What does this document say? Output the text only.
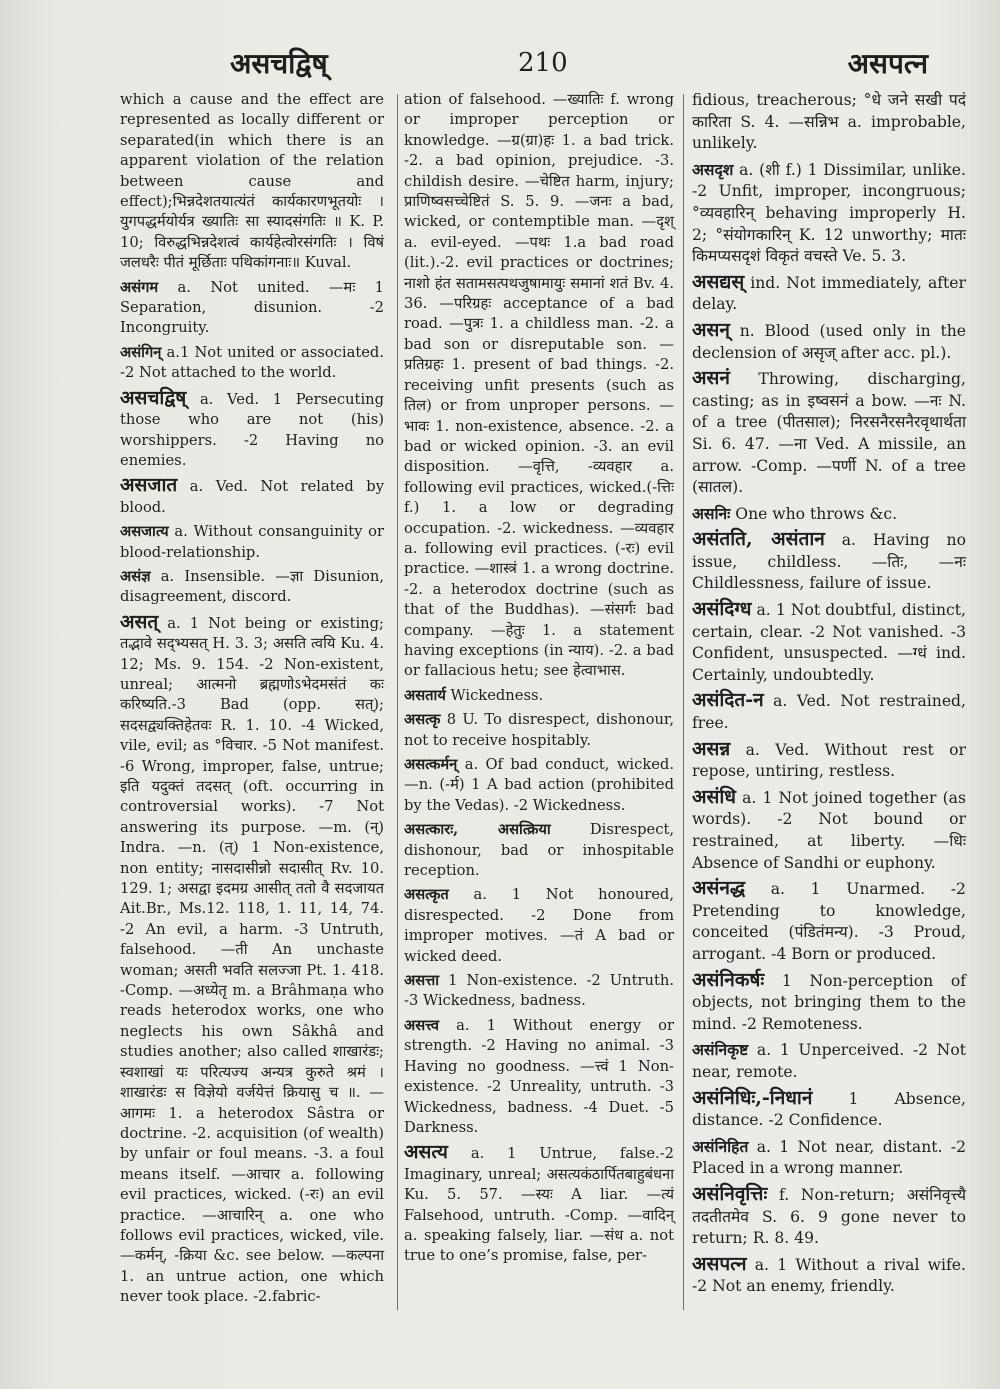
असचद्विष्	210	असपत्न

which a cause and the effect are represented as locally different or separated(in which there is an apparent violation of the relation between cause and effect);भिन्नदेशतयात्यंतं कार्यकारणभूतयोः । युगपद्धर्मयोर्यत्र ख्यातिः सा स्यादसंगतिः ॥ K. P. 10; विरुद्धभिन्नदेशत्वं कार्यहेत्वोरसंगतिः । विषं जलधरैः पीतं मूर्छिताः पथिकांगनाः॥ Kuval.

असंगम a. Not united. —मः 1 Separation, disunion. -2 Incongruity.

असंगिन् a.1 Not united or associated. -2 Not attached to the world.

असचद्विष् a. Ved. 1 Persecuting those who are not (his) worshippers. -2 Having no enemies.

असजात a. Ved. Not related by blood.

असजात्य a. Without consanguinity or blood-relationship.

असंज्ञ a. Insensible. —ज्ञा Disunion, disagreement, discord.

असत् a. 1 Not being or existing; तद्भावे सद्भ्यसत् H. 3. 3; असति त्वयि Ku. 4. 12; Ms. 9. 154. -2 Non-existent, unreal; आत्मनो ब्रह्मणोऽभेदमसंतं कः करिष्यति.-3 Bad (opp. सत्); सदसद्व्यक्तिहेतवः R. 1. 10. -4 Wicked, vile, evil; as °विचार. -5 Not manifest. -6 Wrong, improper, false, untrue; इति यदुक्तं तदसत् (oft. occurring in controversial works). -7 Not answering its purpose. —m. (न्) Indra. —n. (त्) 1 Non-existence, non entity; नासदासीन्नो सदासीत् Rv. 10. 129. 1; असद्वा इदमग्र आसीत् ततो वै सदजायत Ait.Br., Ms.12. 118, 1. 11, 14, 74. -2 An evil, a harm. -3 Untruth, falsehood. —ती An unchaste woman; असती भवति सलज्जा Pt. 1. 418. -Comp. —अध्येतृ m. a Brâhmaṇa who reads heterodox works, one who neglects his own Sâkhâ and studies another; also called शाखारंडः; स्वशाखां यः परित्यज्य अन्यत्र कुरुते श्रमं । शाखारंडः स विज्ञेयो वर्जयेत्तं क्रियासु च ॥. —आगमः 1. a heterodox Sâstra or doctrine. -2. acquisition (of wealth) by unfair or foul means. -3. a foul means itself. —आचार a. following evil practices, wicked. (-रः) an evil practice. —आचारिन् a. one who follows evil practices, wicked, vile. —कर्मन्, -क्रिया &c. see below. —कल्पना 1. an untrue action, one which never took place. -2.fabric-

ation of falsehood. —ख्यातिः f. wrong or improper perception or knowledge. —ग्र(ग्रा)हः 1. a bad trick. -2. a bad opinion, prejudice. -3. childish desire. —चेष्टित harm, injury; प्राणिष्वसच्चेष्टितं S. 5. 9. —जनः a bad, wicked, or contemptible man. —दृश् a. evil-eyed. —पथः 1.a bad road (lit.).-2. evil practices or doctrines; नाशो हंत सतामसत्पथजुषामायुः समानां शतं Bv. 4. 36. —परिग्रहः acceptance of a bad road. —पुत्रः 1. a childless man. -2. a bad son or disreputable son. —प्रतिग्रहः 1. present of bad things. -2. receiving unfit presents (such as तिल) or from unproper persons. —भावः 1. non-existence, absence. -2. a bad or wicked opinion. -3. an evil disposition. —वृत्ति, -व्यवहार a. following evil practices, wicked.(-त्तिः f.) 1. a low or degrading occupation. -2. wickedness. —व्यवहार a. following evil practices. (-रः) evil practice. —शास्त्रं 1. a wrong doctrine. -2. a heterodox doctrine (such as that of the Buddhas). —संसर्गः bad company. —हेतुः 1. a statement having exceptions (in न्याय). -2. a bad or fallacious hetu; see हेत्वाभास.

असतार्य Wickedness.

असत्कृ 8 U. To disrespect, dishonour, not to receive hospitably.

असत्कर्मन् a. Of bad conduct, wicked. —n. (-र्म) 1 A bad action (prohibited by the Vedas). -2 Wickedness.

असत्कारः, असत्क्रिया	Disrespect, dishonour, bad or inhospitable reception.

असत्कृत a. 1 Not honoured, disrespected. -2 Done from improper motives. —तं A bad or wicked deed.

असत्ता 1 Non-existence. -2 Untruth. -3 Wickedness, badness.

असत्त्व a. 1 Without energy or strength. -2 Having no animal. -3 Having no goodness. —त्त्वं 1 Non-existence. -2 Unreality, untruth. -3 Wickedness, badness. -4 Duet. -5 Darkness.

असत्य a. 1 Untrue, false.-2 Imaginary, unreal; असत्यकंठार्पितबाहुबंधना Ku. 5. 57. —स्यः A liar. —त्यं Falsehood, untruth. -Comp. —वादिन् a. speaking falsely, liar. —संध a. not true to one’s promise, false, per-

fidious, treacherous; °धे जने सखी पदं कारिता S. 4. —सन्निभ a. improbable, unlikely.

असदृश a. (शी f.) 1 Dissimilar, unlike. -2 Unfit, improper, incongruous; °व्यवहारिन् behaving improperly H. 2; °संयोगकारिन् K. 12 unworthy; मातः किमप्यसदृशं विकृतं वचस्ते Ve. 5. 3.

असद्यस् ind. Not immediately, after delay.

असन् n. Blood (used only in the declension of असृज् after acc. pl.).

असनं Throwing, discharging, casting; as in इष्वसनं a bow. —नः N. of a tree (पीतसाल); निरसनैरसनैरवृथार्थता Si. 6. 47. —ना Ved. A missile, an arrow. -Comp. —पर्णी N. of a tree (सातल).

असनिः One who throws &c.

असंतति, असंतान a. Having no issue, childless. —तिः, —नः Childlessness, failure of issue.

असंदिग्ध a. 1 Not doubtful, distinct, certain, clear. -2 Not vanished. -3 Confident, unsuspected. —ग्धं ind. Certainly, undoubtedly.

असंदित-न a. Ved. Not restrained, free.

असन्न a. Ved. Without rest or repose, untiring, restless.

असंधि a. 1 Not joined together (as words). -2 Not bound or restrained, at liberty. —धिः Absence of Sandhi or euphony.

असंनद्ध a. 1 Unarmed. -2 Pretending to knowledge, conceited (पंडितंमन्य). -3 Proud, arrogant. -4 Born or produced.

असंनिकर्षः 1 Non-perception of objects, not bringing them to the mind. -2 Remoteness.

असंनिकृष्ट a. 1 Unperceived. -2 Not near, remote.

असंनिधिः,-निधानं 1 Absence, distance. -2 Confidence.

असंनिहित a. 1 Not near, distant. -2 Placed in a wrong manner.

असंनिवृत्तिः f. Non-return; असंनिवृत्त्यै तदतीतमेव S. 6. 9 gone never to return; R. 8. 49.

असपत्न a. 1 Without a rival wife. -2 Not an enemy, friendly.
